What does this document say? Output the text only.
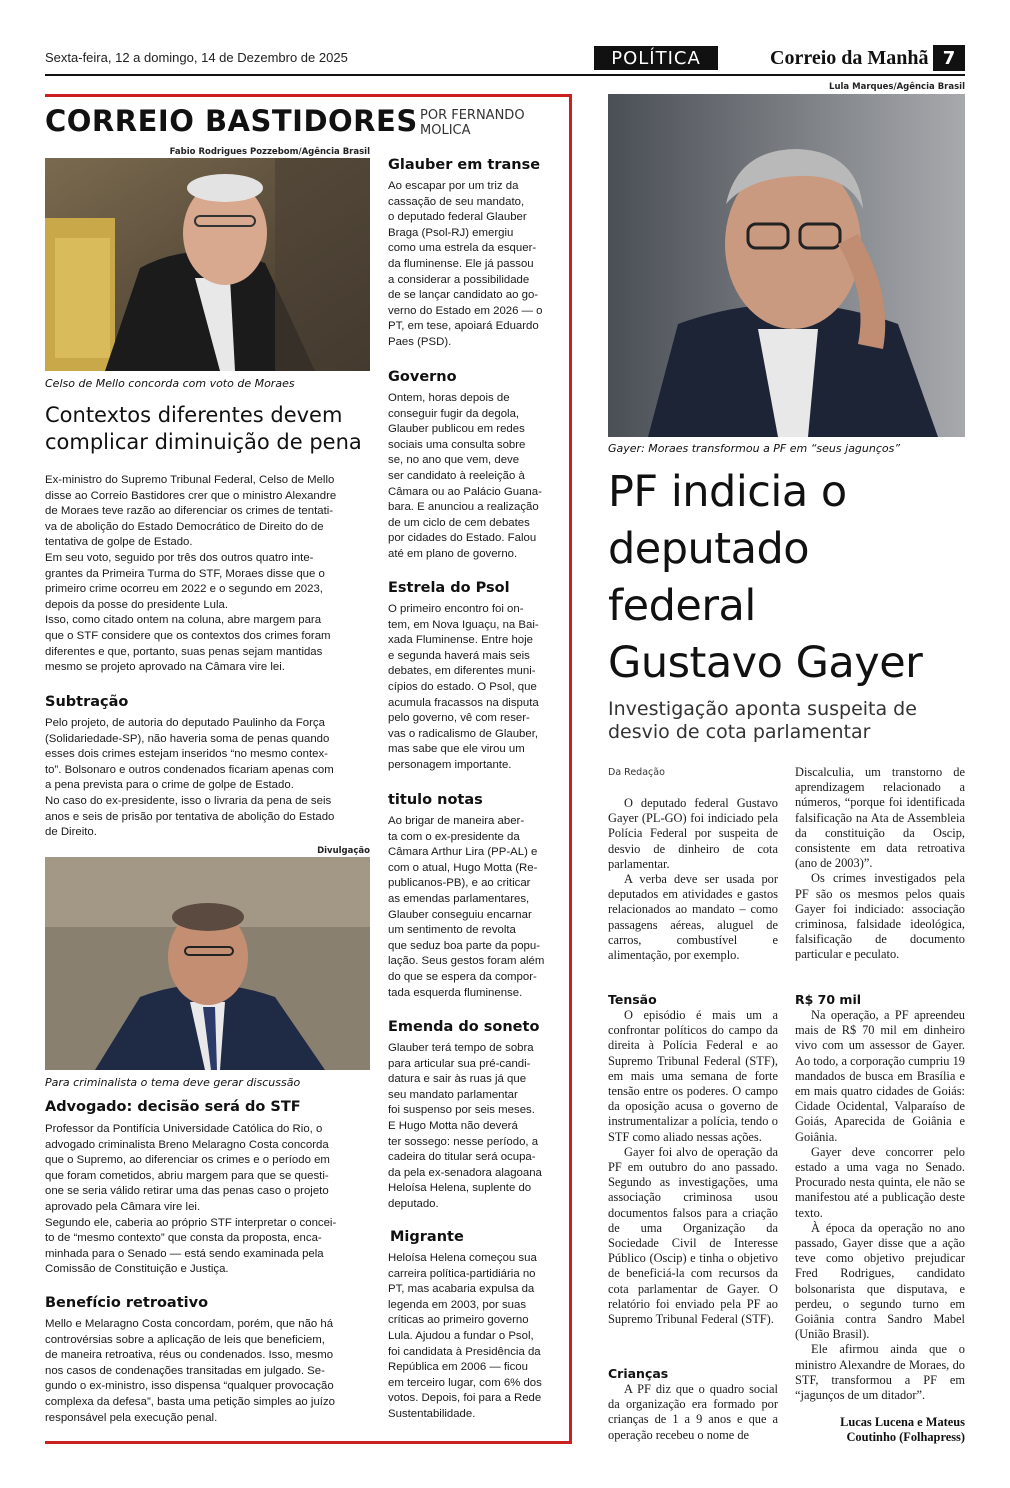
Sexta-feira, 12 a domingo, 14 de Dezembro de 2025	POLÍTICA	Correio da Manhã 7
CORREIO BASTIDORES POR FERNANDO
MOLICA
Fabio Rodrigues Pozzebom/Agência Brasil
Celso de Mello concorda com voto de Moraes
Contextos diferentes devem
complicar diminuição de pena

Ex-ministro do Supremo Tribunal Federal, Celso de Mello

disse ao Correio Bastidores crer que o ministro Alexandre

de Moraes teve razão ao diferenciar os crimes de tentati-

va de abolição do Estado Democrático de Direito do de

tentativa de golpe de Estado.

Em seu voto, seguido por três dos outros quatro inte-

grantes da Primeira Turma do STF, Moraes disse que o

primeiro crime ocorreu em 2022 e o segundo em 2023,

depois da posse do presidente Lula.

Isso, como citado ontem na coluna, abre margem para

que o STF considere que os contextos dos crimes foram

diferentes e que, portanto, suas penas sejam mantidas

mesmo se projeto aprovado na Câmara vire lei.

Subtração

Pelo projeto, de autoria do deputado Paulinho da Força

(Solidariedade-SP), não haveria soma de penas quando

esses dois crimes estejam inseridos “no mesmo contex-

to”. Bolsonaro e outros condenados ficariam apenas com

a pena prevista para o crime de golpe de Estado.

No caso do ex-presidente, isso o livraria da pena de seis

anos e seis de prisão por tentativa de abolição do Estado

de Direito.

Divulgação
Para criminalista o tema deve gerar discussão
Advogado: decisão será do STF

Professor da Pontifícia Universidade Católica do Rio, o

advogado criminalista Breno Melaragno Costa concorda

que o Supremo, ao diferenciar os crimes e o período em

que foram cometidos, abriu margem para que se questi-

one se seria válido retirar uma das penas caso o projeto

aprovado pela Câmara vire lei.

Segundo ele, caberia ao próprio STF interpretar o concei-

to de “mesmo contexto” que consta da proposta, enca-

minhada para o Senado — está sendo examinada pela

Comissão de Constituição e Justiça.

Benefício retroativo

Mello e Melaragno Costa concordam, porém, que não há

controvérsias sobre a aplicação de leis que beneficiem,

de maneira retroativa, réus ou condenados. Isso, mesmo

nos casos de condenações transitadas em julgado. Se-

gundo o ex-ministro, isso dispensa “qualquer provocação

complexa da defesa”, basta uma petição simples ao juízo

responsável pela execução penal.

Glauber em transe

Ao escapar por um triz da

cassação de seu mandato,

o deputado federal Glauber

Braga (Psol-RJ) emergiu

como uma estrela da esquer-

da fluminense. Ele já passou

a considerar a possibilidade

de se lançar candidato ao go-

verno do Estado em 2026 — o

PT, em tese, apoiará Eduardo

Paes (PSD).

Governo

Ontem, horas depois de

conseguir fugir da degola,

Glauber publicou em redes

sociais uma consulta sobre

se, no ano que vem, deve

ser candidato à reeleição à

Câmara ou ao Palácio Guana-

bara. E anunciou a realização

de um ciclo de cem debates

por cidades do Estado. Falou

até em plano de governo.

Estrela do Psol

O primeiro encontro foi on-

tem, em Nova Iguaçu, na Bai-

xada Fluminense. Entre hoje

e segunda haverá mais seis

debates, em diferentes muni-

cípios do estado. O Psol, que

acumula fracassos na disputa

pelo governo, vê com reser-

vas o radicalismo de Glauber,

mas sabe que ele virou um

personagem importante.

titulo notas

Ao brigar de maneira aber-

ta com o ex-presidente da

Câmara Arthur Lira (PP-AL) e

com o atual, Hugo Motta (Re-

publicanos-PB), e ao criticar

as emendas parlamentares,

Glauber conseguiu encarnar

um sentimento de revolta

que seduz boa parte da popu-

lação. Seus gestos foram além

do que se espera da compor-

tada esquerda fluminense.

Emenda do soneto

Glauber terá tempo de sobra

para articular sua pré-candi-

datura e sair às ruas já que

seu mandato parlamentar

foi suspenso por seis meses.

E Hugo Motta não deverá

ter sossego: nesse período, a

cadeira do titular será ocupa-

da pela ex-senadora alagoana

Heloísa Helena, suplente do

deputado.

Migrante

Heloísa Helena começou sua

carreira política-partidiária no

PT, mas acabaria expulsa da

legenda em 2003, por suas

críticas ao primeiro governo

Lula. Ajudou a fundar o Psol,

foi candidata à Presidência da

República em 2006 — ficou

em terceiro lugar, com 6% dos

votos. Depois, foi para a Rede

Sustentabilidade.

Lula Marques/Agência Brasil
Gayer: Moraes transformou a PF em “seus jagunços”
PF indicia o
deputado
federal
Gustavo Gayer
Investigação aponta suspeita de
desvio de cota parlamentar
Da Redação

O deputado federal Gustavo Gayer (PL-GO) foi indiciado pela Polícia Federal por suspeita de desvio de dinheiro de cota parlamentar.

A verba deve ser usada por deputados em atividades e gastos relacionados ao mandato – como passagens aéreas, aluguel de carros, combustível e alimentação, por exemplo.

Tensão

O episódio é mais um a confrontar políticos do campo da direita à Polícia Federal e ao Supremo Tribunal Federal (STF), em mais uma semana de forte tensão entre os poderes. O campo da oposição acusa o governo de instrumentalizar a polícia, tendo o STF como aliado nessas ações.

Gayer foi alvo de operação da PF em outubro do ano passado. Segundo as investigações, uma associação criminosa usou documentos falsos para a criação de uma Organização da Sociedade Civil de Interesse Público (Oscip) e tinha o objetivo de beneficiá-la com recursos da cota parlamentar de Gayer. O relatório foi enviado pela PF ao Supremo Tribunal Federal (STF).

Crianças

A PF diz que o quadro social da organização era formado por crianças de 1 a 9 anos e que a operação recebeu o nome de

Discalculia, um transtorno de aprendizagem relacionado a números, “porque foi identificada falsificação na Ata de Assembleia da constituição da Oscip, consistente em data retroativa (ano de 2003)”.

Os crimes investigados pela PF são os mesmos pelos quais Gayer foi indiciado: associação criminosa, falsidade ideológica, falsificação de documento particular e peculato.

R$ 70 mil

Na operação, a PF apreendeu mais de R$ 70 mil em dinheiro vivo com um assessor de Gayer. Ao todo, a corporação cumpriu 19 mandados de busca em Brasília e em mais quatro cidades de Goiás: Cidade Ocidental, Valparaíso de Goiás, Aparecida de Goiânia e Goiânia.

Gayer deve concorrer pelo estado a uma vaga no Senado. Procurado nesta quinta, ele não se manifestou até a publicação deste texto.

À época da operação no ano passado, Gayer disse que a ação teve como objetivo prejudicar Fred Rodrigues, candidato bolsonarista que disputava, e perdeu, o segundo turno em Goiânia contra Sandro Mabel (União Brasil).

Ele afirmou ainda que o ministro Alexandre de Moraes, do STF, transformou a PF em “jagunços de um ditador”.

Lucas Lucena e Mateus
Coutinho (Folhapress)
